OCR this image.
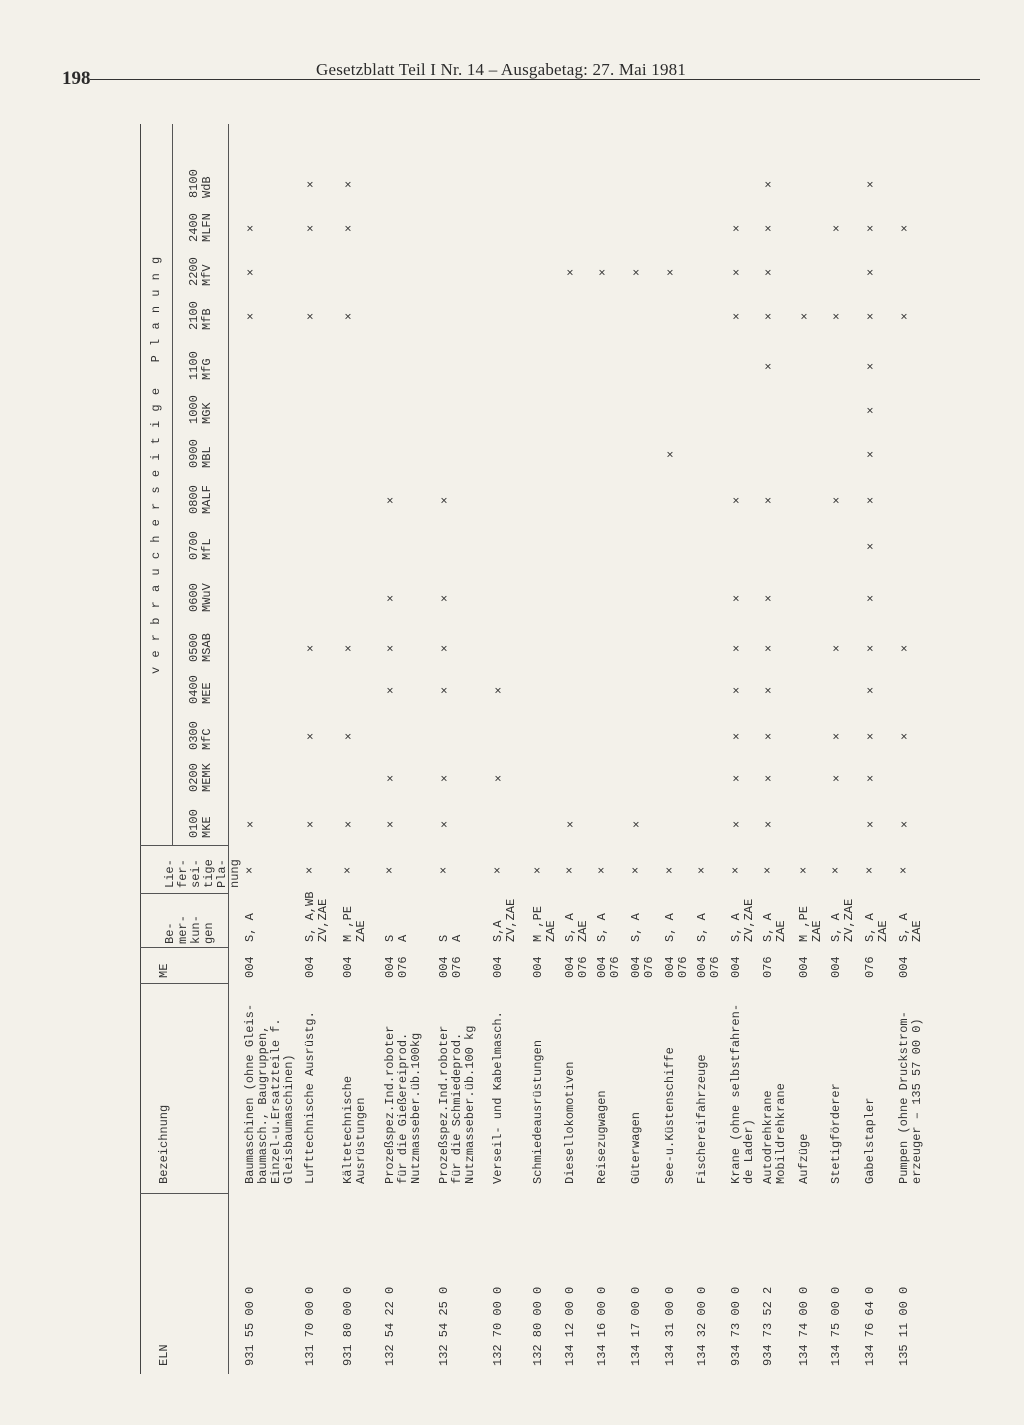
198	Gesetzblatt Teil I Nr. 14 – Ausgabetag: 27. Mai 1981
ELN
Bezeichnung
ME
Be-
mer-
kun-
gen
Lie-
fer-
sei-
tige
Pla-
nung
v e r b r a u c h e r s e i t i g e   P l a n u n g
0100
MKE
0200
MEMK
0300
MfC
0400
MEE
0500
MSAB
0600
MWuV
0700
MfL
0800
MALF
0900
MBL
1000
MGK
1100
MfG
2100
MfB
2200
MfV
2400
MLFN
8100
WdB
931 55 00 0
Baumaschinen (ohne Gleis-
baumasch., Baugruppen,
Einzel-u.Ersatzteile f.
Gleisbaumaschinen)
004
S, A
×
×
×
×
×
131 70 00 0
Lufttechnische Ausrüstg.
004
S, A,WB
ZV,ZAE
×
×
×
×
×
×
×
931 80 00 0
Kältetechnische
Ausrüstungen
004
M ,PE
ZAE
×
×
×
×
×
×
×
132 54 22 0
Prozeßspez.Ind.roboter
für die Gießereiprod.
Nutzmasseber.üb.100kg
004
076
S
A
×
×
×
×
×
×
×
132 54 25 0
Prozeßspez.Ind.roboter
für die Schmiedeprod.
Nutzmasseber.üb.100 kg
004
076
S
A
×
×
×
×
×
×
×
132 70 00 0
Verseil- und Kabelmasch.
004
S,A
ZV,ZAE
×
×
×
132 80 00 0
Schmiedeausrüstungen
004
M ,PE
ZAE
×
134 12 00 0
Diesellokomotiven
004
076
S, A
ZAE
×
×
×
134 16 00 0
Reisezugwagen
004
076
S, A
×
×
134 17 00 0
Güterwagen
004
076
S, A
×
×
×
134 31 00 0
See-u.Küstenschiffe
004
076
S, A
×
×
×
134 32 00 0
Fischereifahrzeuge
004
076
S, A
×
934 73 00 0
Krane (ohne selbstfahren-
de Lader)
004
S, A
ZV,ZAE
×
×
×
×
×
×
×
×
×
×
×
934 73 52 2
Autodrehkrane
Mobildrehkrane
076
S, A
ZAE
×
×
×
×
×
×
×
×
×
×
×
×
×
134 74 00 0
Aufzüge
004
M ,PE
ZAE
×
×
134 75 00 0
Stetigförderer
004
S, A
ZV,ZAE
×
×
×
×
×
×
×
134 76 64 0
Gabelstapler
076
S, A
ZAE
×
×
×
×
×
×
×
×
×
×
×
×
×
×
×
×
135 11 00 0
Pumpen (ohne Druckstrom-
erzeuger – 135 57 00 0)
004
S, A
ZAE
×
×
×
×
×
×
